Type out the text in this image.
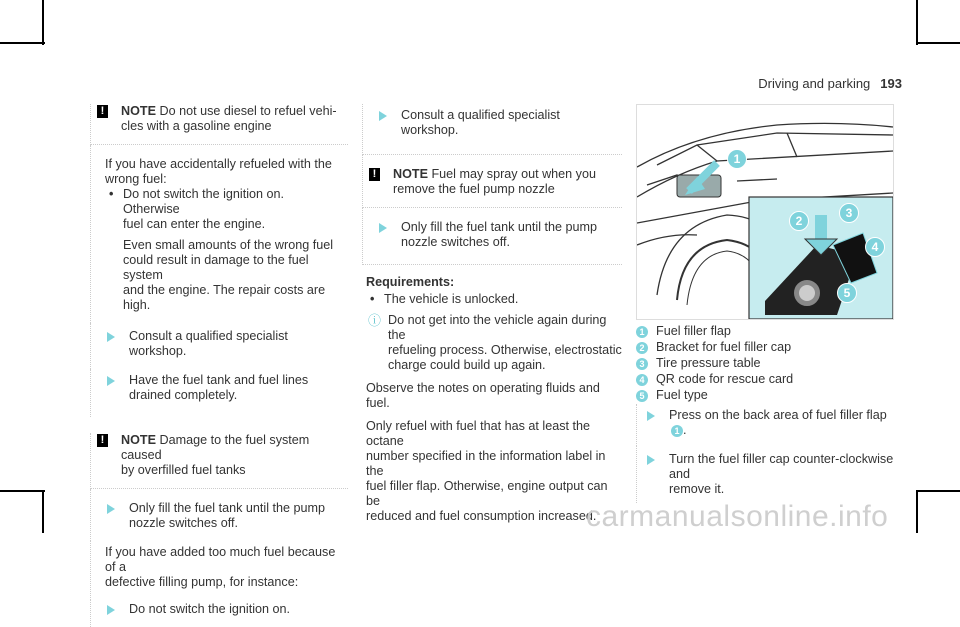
Driving and parking 193
! NOTE Do not use diesel to refuel vehi-
cles with a gasoline engine
If you have accidentally refueled with the
wrong fuel:
• Do not switch the ignition on. Otherwise
fuel can enter the engine.
Even small amounts of the wrong fuel
could result in damage to the fuel system
and the engine. The repair costs are high.
Consult a qualified specialist workshop.
Have the fuel tank and fuel lines
drained completely.
! NOTE Damage to the fuel system caused
by overfilled fuel tanks
Only fill the fuel tank until the pump
nozzle switches off.
If you have added too much fuel because of a
defective filling pump, for instance:
Do not switch the ignition on.
Consult a qualified specialist workshop.
! NOTE Fuel may spray out when you
remove the fuel pump nozzle
Only fill the fuel tank until the pump
nozzle switches off.
Requirements:
• The vehicle is unlocked.
ⓘ Do not get into the vehicle again during the
refueling process. Otherwise, electrostatic
charge could build up again.
Observe the notes on operating fluids and fuel.
Only refuel with fuel that has at least the octane
number specified in the information label in the
fuel filler flap. Otherwise, engine output can be
reduced and fuel consumption increased.
1
2
3
4
5
1 Fuel filler flap
2 Bracket for fuel filler cap
3 Tire pressure table
4 QR code for rescue card
5 Fuel type
Press on the back area of fuel filler flap 1 .
Turn the fuel filler cap counter-clockwise and
remove it.
carmanualsonline.info
